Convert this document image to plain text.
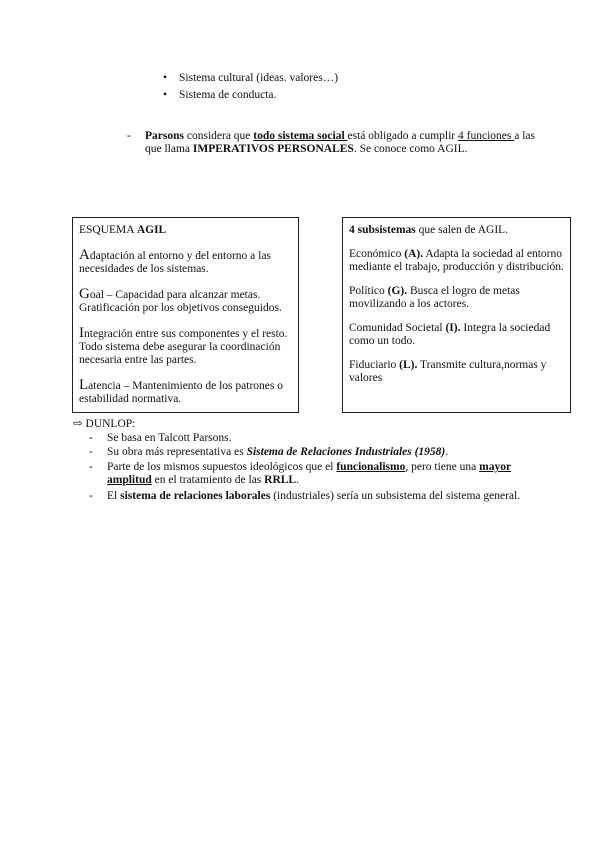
• Sistema cultural (ideas. valores…)
• Sistema de conducta.
- Parsons considera que todo sistema social está obligado a cumplir 4 funciones a las que llama IMPERATIVOS PERSONALES. Se conoce como AGIL.

ESQUEMA AGIL

Adaptación al entorno y del entorno a las necesidades de los sistemas.

Goal – Capacidad para alcanzar metas. Gratificación por los objetivos conseguidos.

Integración entre sus componentes y el resto. Todo sistema debe asegurar la coordinación necesaria entre las partes.

Latencia – Mantenimiento de los patrones o estabilidad normativa.

4 subsistemas que salen de AGIL.

Económico (A). Adapta la sociedad al entorno mediante el trabajo, producción y distribución.

Político (G). Busca el logro de metas movilizando a los actores.

Comunidad Societal (I). Integra la sociedad como un todo.

Fiduciario (L). Transmite cultura,normas y valores

⇨ DUNLOP:
- Se basa en Talcott Parsons.
- Su obra más representativa es Sistema de Relaciones Industriales (1958).
- Parte de los mismos supuestos ideológicos que el funcionalismo, pero tiene una mayor amplitud en el tratamiento de las RRLL.
- El sistema de relaciones laborales (industriales) sería un subsistema del sistema general.
